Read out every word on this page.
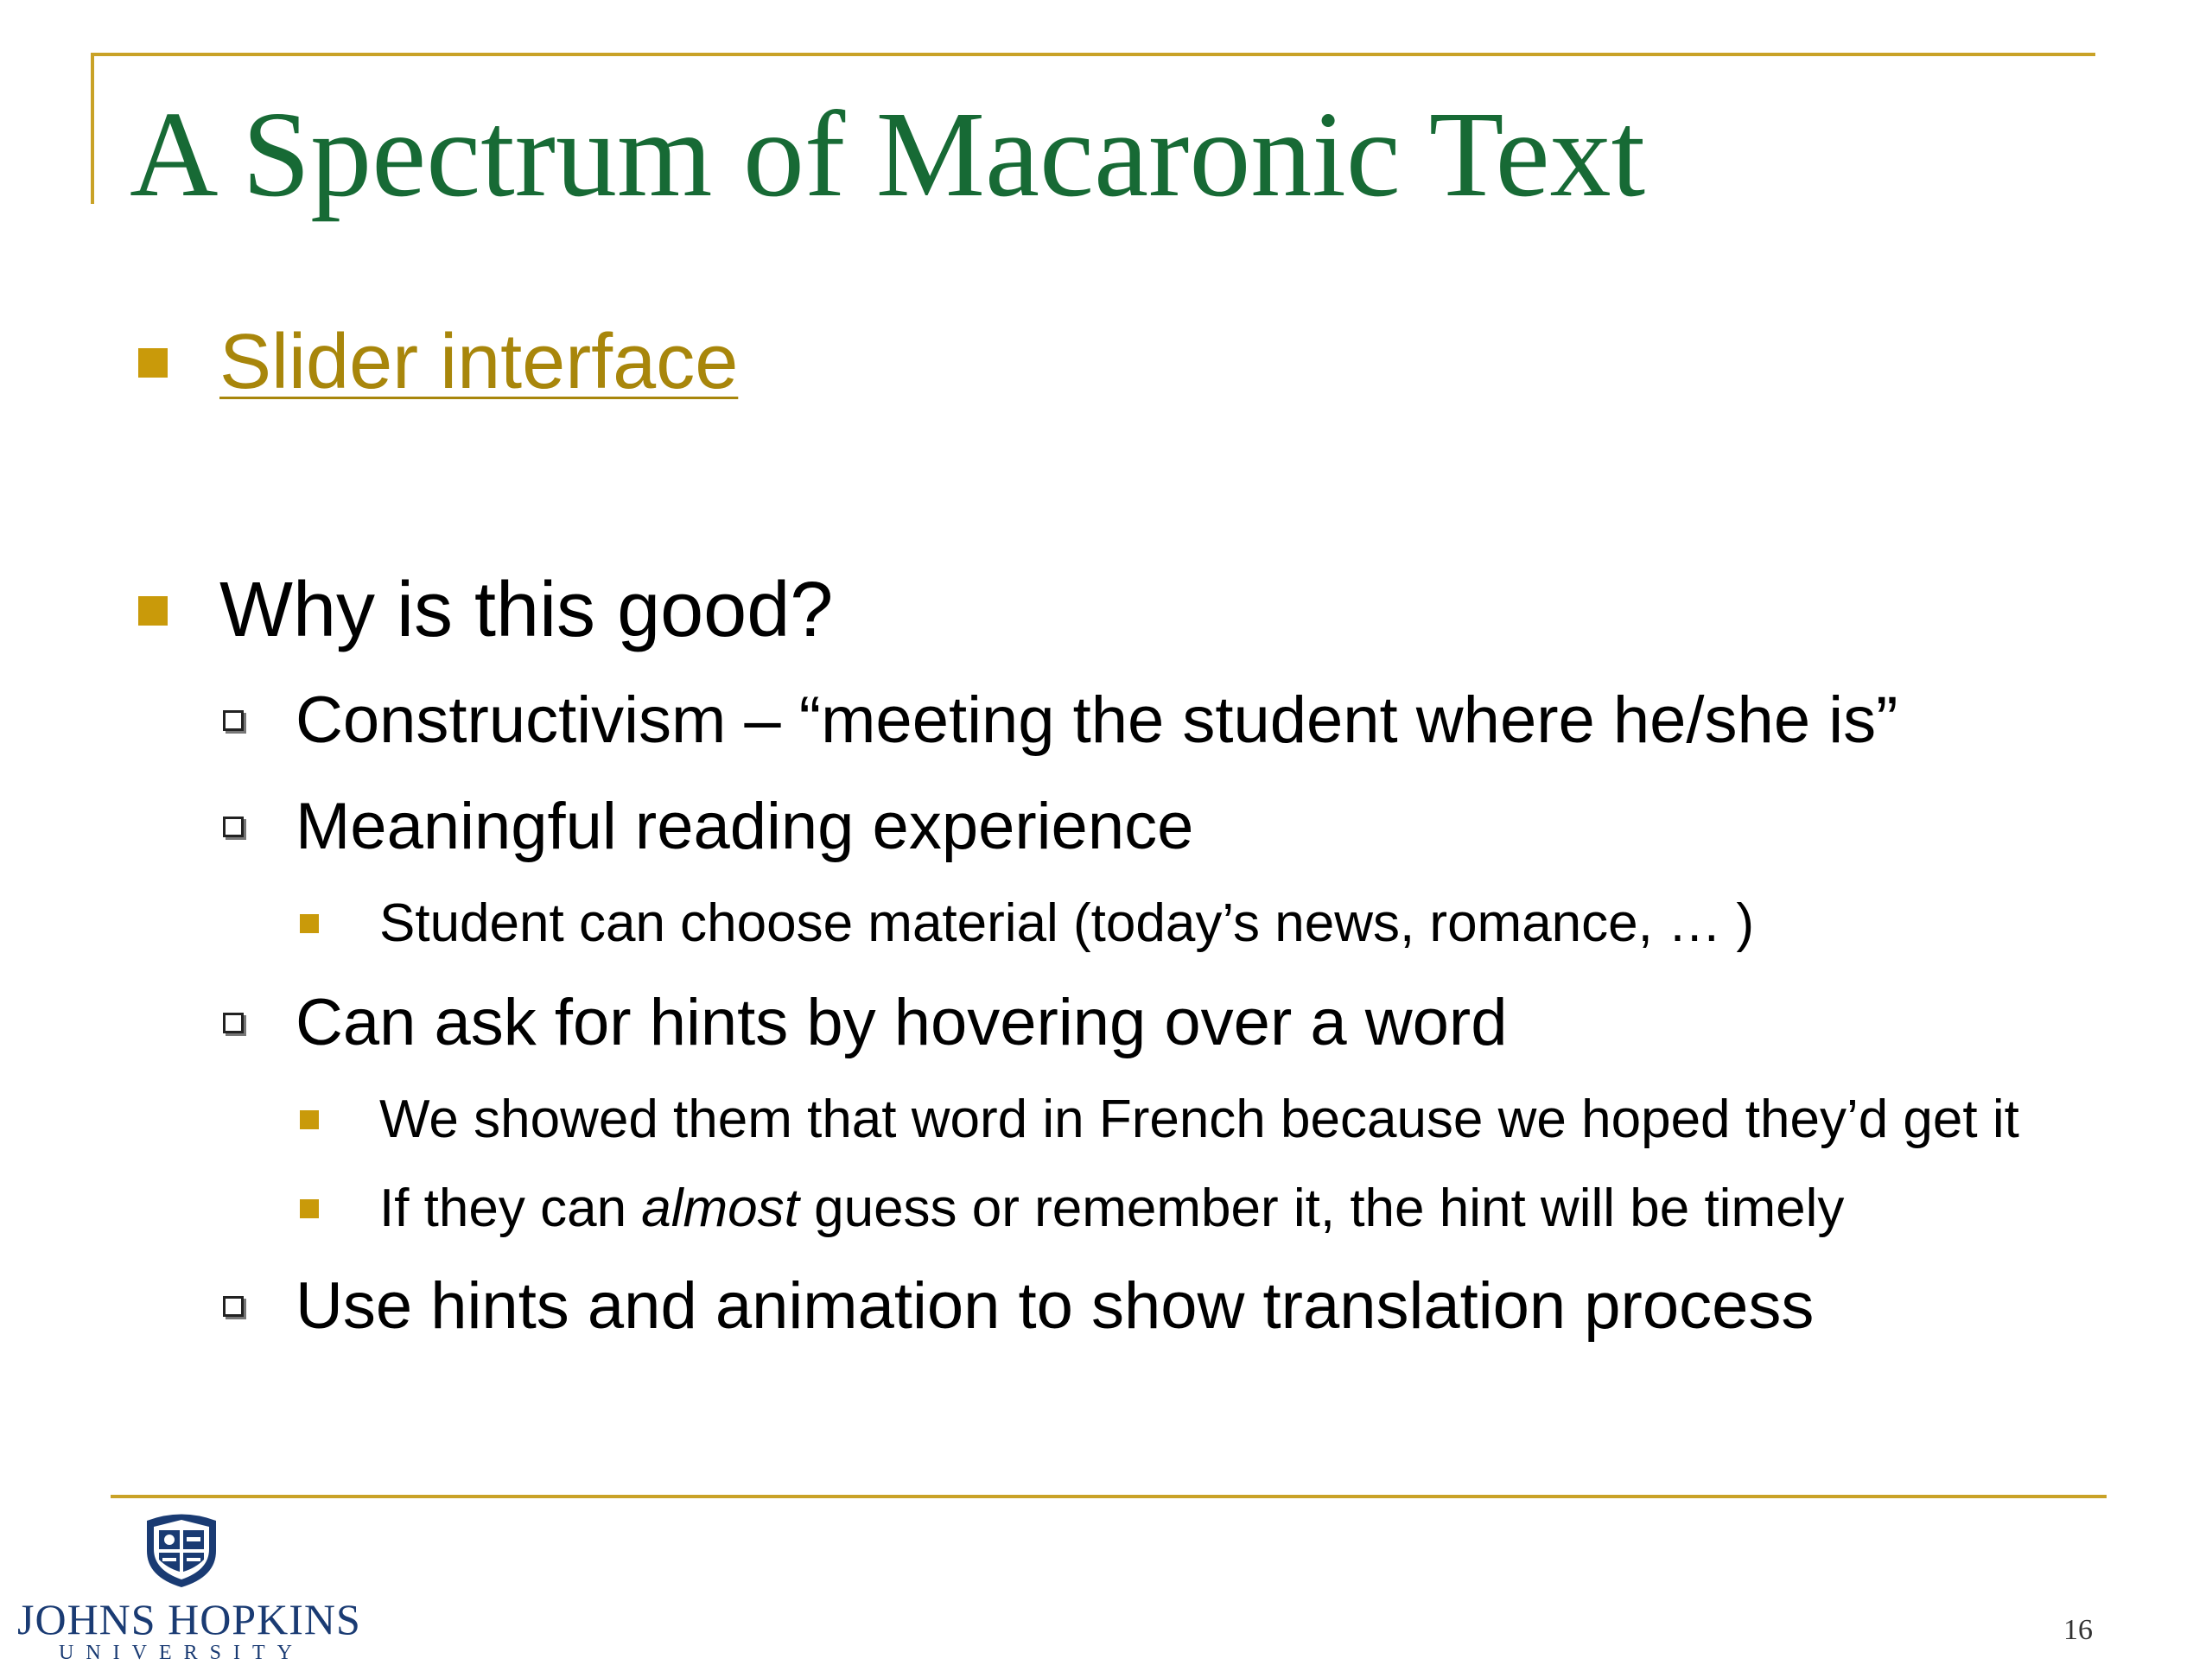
A Spectrum of Macaronic Text
Slider interface
Why is this good?
Constructivism – “meeting the student where he/she is”
Meaningful reading experience
Student can choose material (today’s news, romance, … )
Can ask for hints by hovering over a word
We showed them that word in French because we hoped they’d get it
If they can almost guess or remember it, the hint will be timely
Use hints and animation to show translation process
JOHNS HOPKINS
UNIVERSITY
16
